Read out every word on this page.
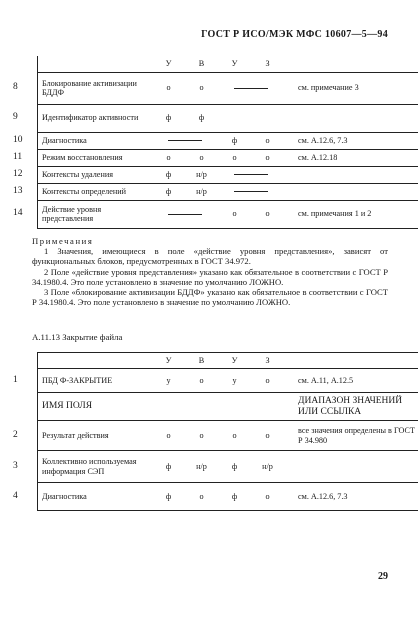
ГОСТ Р ИСО/МЭК МФС 10607—5—94
		У	В	У	З	
8	Блокирование активизации БДДФ	о	о			см. примечание 3
9	Идентификатор активности	ф	ф			
10	Диагностика			ф	о	см. А.12.6, 7.3
11	Режим восстановления	о	о	о	о	см. А.12.18
12	Контексты удаления	ф	н/р			
13	Контексты определений	ф	н/р			
14	Действие уровня представления			о	о	см. примечания 1 и 2

Примечания

1 Значения, имеющиеся в поле «действие уровня представления», зависят от функциональных блоков, предусмотренных в ГОСТ 34.972.

2 Поле «действие уровня представления» указано как обязательное в соответствии с ГОСТ Р 34.1980.4. Это поле установлено в значение по умолчанию ЛОЖНО.

3 Поле «блокирование активизации БДДФ» указано как обязательное в соответствии с ГОСТ Р 34.1980.4. Это поле установлено в значение по умолчанию ЛОЖНО.

А.11.13 Закрытие файла
		У	В	У	З	
1	ПБД Ф-ЗАКРЫТИЕ	у	о	у	о	см. А.11, А.12.5
	ИМЯ ПОЛЯ					ДИАПАЗОН ЗНАЧЕНИЙ ИЛИ ССЫЛКА
2	Результат действия	о	о	о	о	все значения определены в ГОСТ Р 34.980
3	Коллективно используемая информация СЭП	ф	н/р	ф	н/р	
4	Диагностика	ф	о	ф	о	см. А.12.6, 7.3
29
